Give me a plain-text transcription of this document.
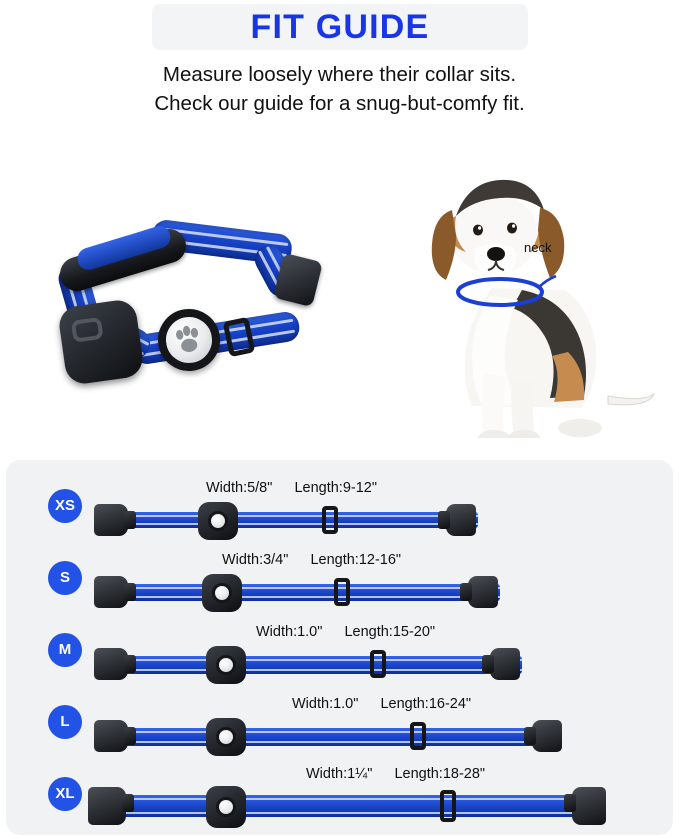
FIT GUIDE
Measure loosely where their collar sits.
Check our guide for a snug-but-comfy fit.
neck
XS
Width:5/8" Length:9-12"
S
Width:3/4" Length:12-16"
M
Width:1.0" Length:15-20"
L
Width:1.0" Length:16-24"
XL
Width:1¼" Length:18-28"
